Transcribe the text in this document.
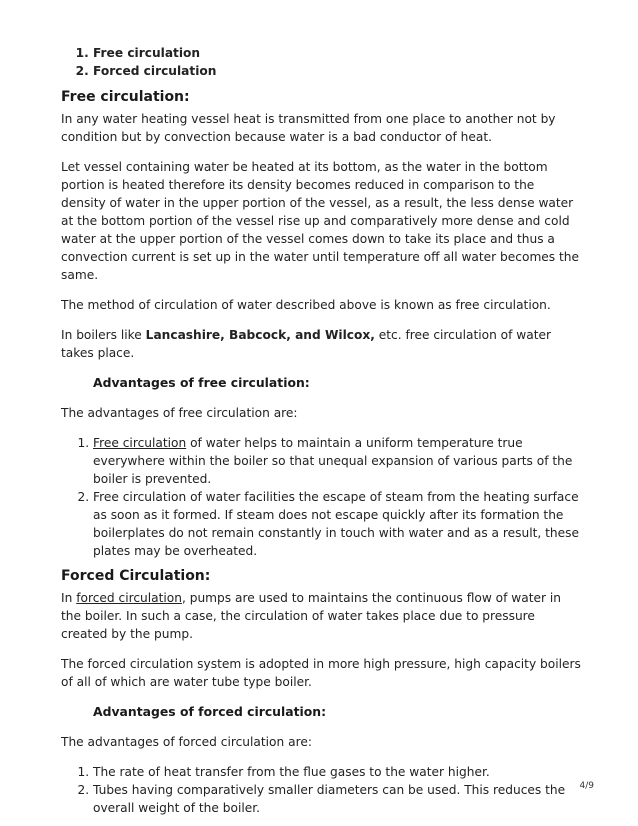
1. Free circulation
2. Forced circulation
Free circulation:

In any water heating vessel heat is transmitted from one place to another not by condition but by convection because water is a bad conductor of heat.

Let vessel containing water be heated at its bottom, as the water in the bottom portion is heated therefore its density becomes reduced in comparison to the density of water in the upper portion of the vessel, as a result, the less dense water at the bottom portion of the vessel rise up and comparatively more dense and cold water at the upper portion of the vessel comes down to take its place and thus a convection current is set up in the water until temperature off all water becomes the same.

The method of circulation of water described above is known as free circulation.

In boilers like Lancashire, Babcock, and Wilcox, etc. free circulation of water takes place.

Advantages of free circulation:

The advantages of free circulation are:

1. Free circulation of water helps to maintain a uniform temperature true everywhere within the boiler so that unequal expansion of various parts of the boiler is prevented.
2. Free circulation of water facilities the escape of steam from the heating surface as soon as it formed. If steam does not escape quickly after its formation the boilerplates do not remain constantly in touch with water and as a result, these plates may be overheated.
Forced Circulation:

In forced circulation, pumps are used to maintains the continuous flow of water in the boiler. In such a case, the circulation of water takes place due to pressure created by the pump.

The forced circulation system is adopted in more high pressure, high capacity boilers of all of which are water tube type boiler.

Advantages of forced circulation:

The advantages of forced circulation are:

1. The rate of heat transfer from the flue gases to the water higher.
2. Tubes having comparatively smaller diameters can be used. This reduces the overall weight of the boiler.
4/9
